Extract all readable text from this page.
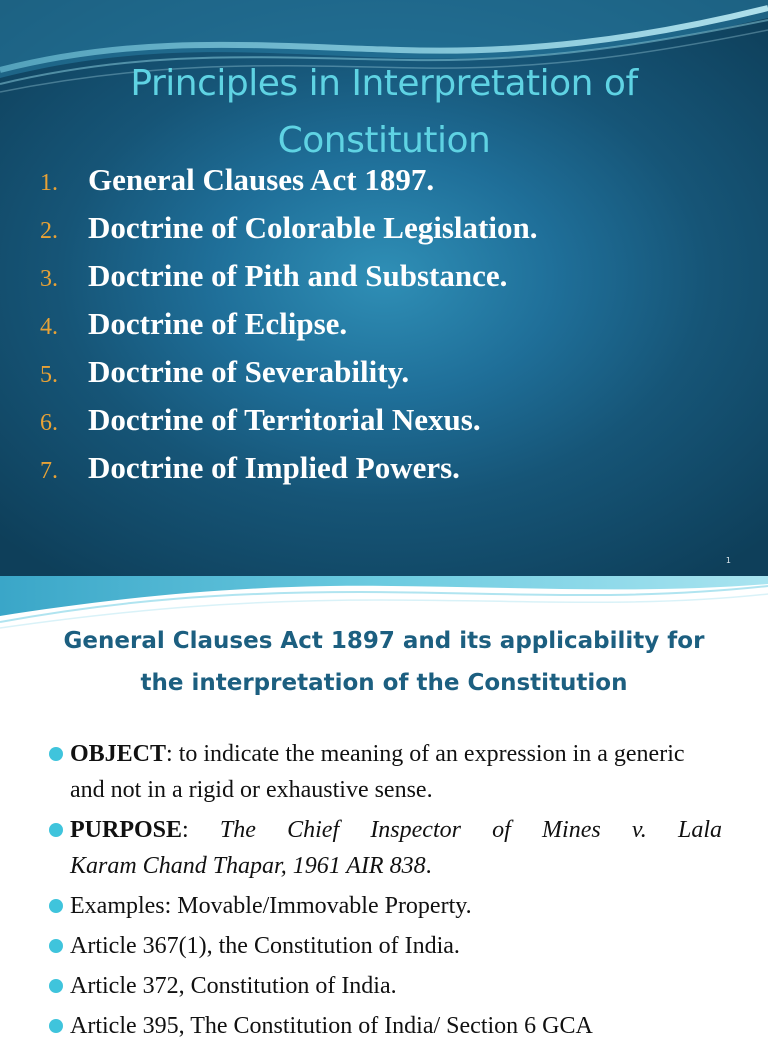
Principles in Interpretation of
Constitution
1. General Clauses Act 1897.
2. Doctrine of Colorable Legislation.
3. Doctrine of Pith and Substance.
4. Doctrine of Eclipse.
5. Doctrine of Severability.
6. Doctrine of Territorial Nexus.
7. Doctrine of Implied Powers.
1
General Clauses Act 1897 and its applicability for
the interpretation of the Constitution
OBJECT: to indicate the meaning of an expression in a generic and not in a rigid or exhaustive sense.
PURPOSE: The Chief Inspector of Mines v. Lala
Karam Chand Thapar, 1961 AIR 838.
Examples: Movable/Immovable Property.
Article 367(1), the Constitution of India.
Article 372, Constitution of India.
Article 395, The Constitution of India/ Section 6 GCA
